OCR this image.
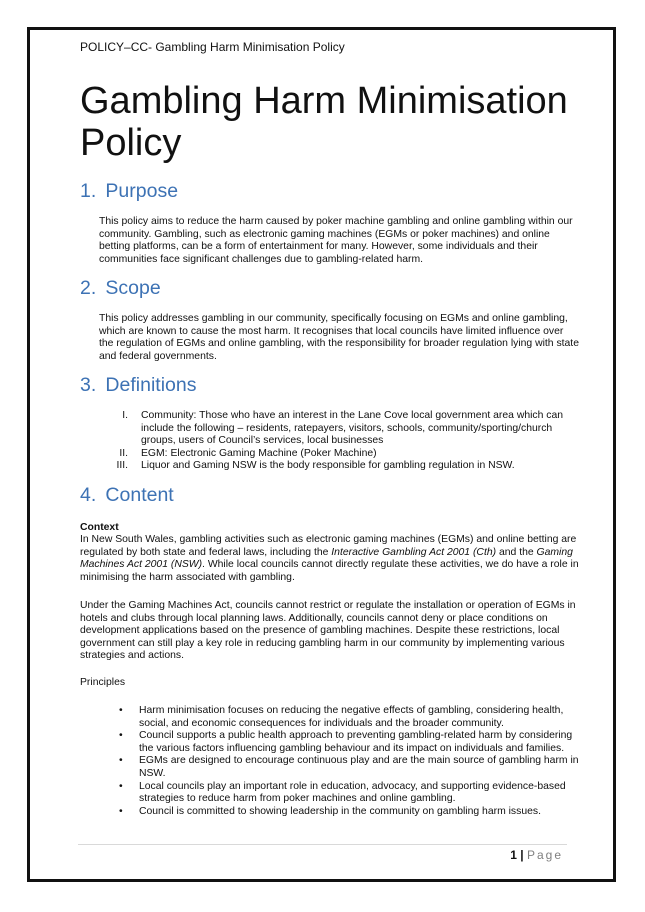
POLICY–CC- Gambling Harm Minimisation Policy
Gambling Harm Minimisation Policy
1. Purpose

This policy aims to reduce the harm caused by poker machine gambling and online gambling within our community. Gambling, such as electronic gaming machines (EGMs or poker machines) and online betting platforms, can be a form of entertainment for many. However, some individuals and their communities face significant challenges due to gambling-related harm.

2. Scope

This policy addresses gambling in our community, specifically focusing on EGMs and online gambling, which are known to cause the most harm. It recognises that local councils have limited influence over the regulation of EGMs and online gambling, with the responsibility for broader regulation lying with state and federal governments.

3. Definitions
I. Community: Those who have an interest in the Lane Cove local government area which can include the following – residents, ratepayers, visitors, schools, community/sporting/church groups, users of Council’s services, local businesses
II. EGM: Electronic Gaming Machine (Poker Machine)
III. Liquor and Gaming NSW is the body responsible for gambling regulation in NSW.
4. Content

Context

In New South Wales, gambling activities such as electronic gaming machines (EGMs) and online betting are regulated by both state and federal laws, including the Interactive Gambling Act 2001 (Cth) and the Gaming Machines Act 2001 (NSW). While local councils cannot directly regulate these activities, we do have a role in minimising the harm associated with gambling.

Under the Gaming Machines Act, councils cannot restrict or regulate the installation or operation of EGMs in hotels and clubs through local planning laws. Additionally, councils cannot deny or place conditions on development applications based on the presence of gambling machines. Despite these restrictions, local government can still play a key role in reducing gambling harm in our community by implementing various strategies and actions.

Principles

• Harm minimisation focuses on reducing the negative effects of gambling, considering health, social, and economic consequences for individuals and the broader community.
• Council supports a public health approach to preventing gambling-related harm by considering the various factors influencing gambling behaviour and its impact on individuals and families.
• EGMs are designed to encourage continuous play and are the main source of gambling harm in NSW.
• Local councils play an important role in education, advocacy, and supporting evidence-based strategies to reduce harm from poker machines and online gambling.
• Council is committed to showing leadership in the community on gambling harm issues.
1 | Page
